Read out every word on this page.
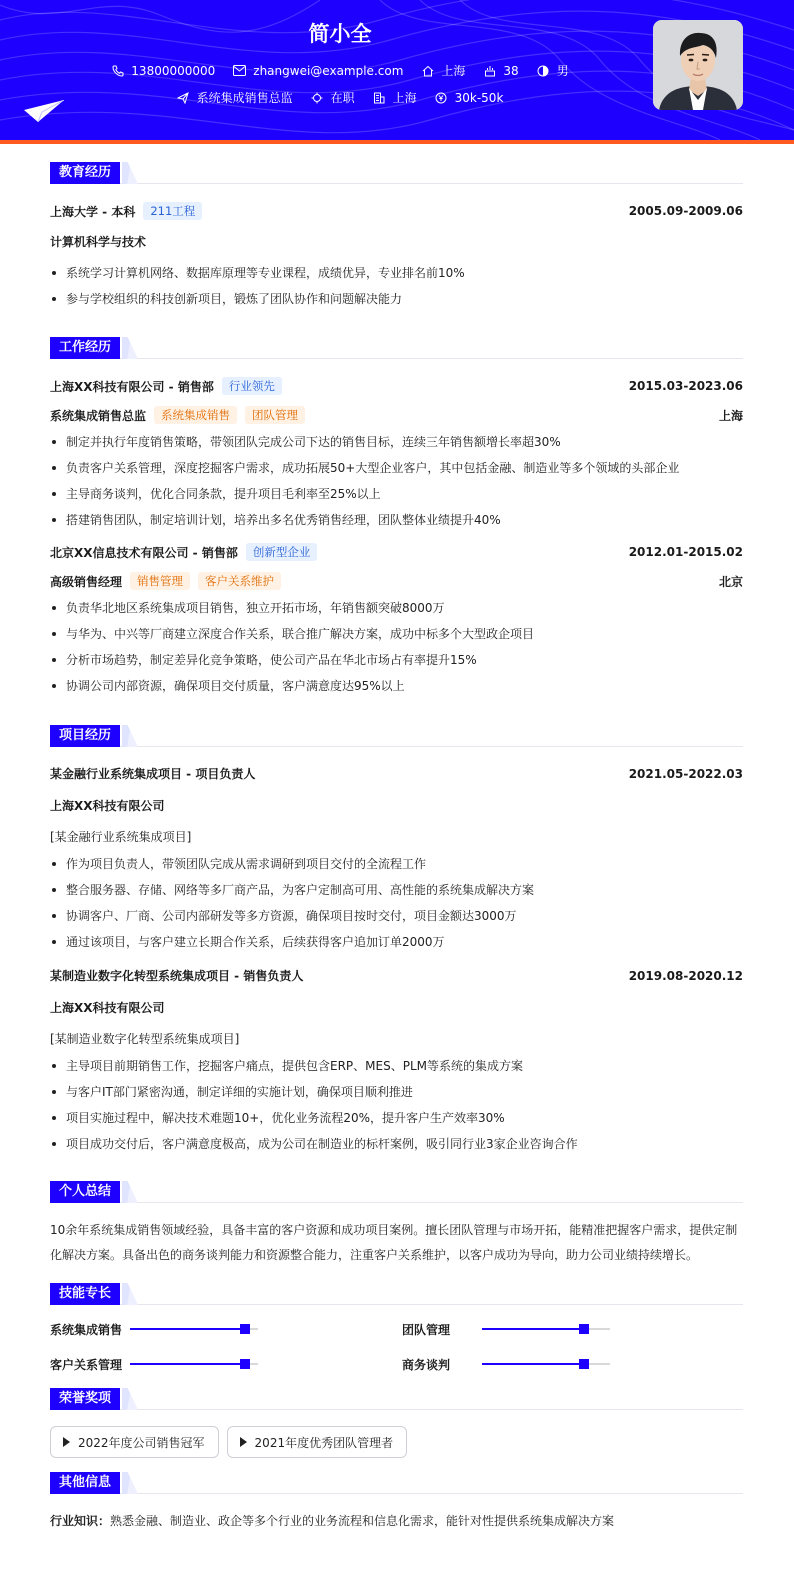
简小全
13800000000	zhangwei@example.com	上海	38	男
系统集成销售总监	在职	上海	30k-50k
教育经历
上海大学 - 本科	211工程	2005.09-2009.06
计算机科学与技术
系统学习计算机网络、数据库原理等专业课程，成绩优异，专业排名前10%
参与学校组织的科技创新项目，锻炼了团队协作和问题解决能力
工作经历
上海XX科技有限公司 - 销售部	行业领先	2015.03-2023.06
系统集成销售总监	系统集成销售	团队管理	上海
制定并执行年度销售策略，带领团队完成公司下达的销售目标，连续三年销售额增长率超30%
负责客户关系管理，深度挖掘客户需求，成功拓展50+大型企业客户，其中包括金融、制造业等多个领域的头部企业
主导商务谈判，优化合同条款，提升项目毛利率至25%以上
搭建销售团队，制定培训计划，培养出多名优秀销售经理，团队整体业绩提升40%
北京XX信息技术有限公司 - 销售部	创新型企业	2012.01-2015.02
高级销售经理	销售管理	客户关系维护	北京
负责华北地区系统集成项目销售，独立开拓市场，年销售额突破8000万
与华为、中兴等厂商建立深度合作关系，联合推广解决方案，成功中标多个大型政企项目
分析市场趋势，制定差异化竞争策略，使公司产品在华北市场占有率提升15%
协调公司内部资源，确保项目交付质量，客户满意度达95%以上
项目经历
某金融行业系统集成项目 - 项目负责人	2021.05-2022.03
上海XX科技有限公司
[某金融行业系统集成项目]
作为项目负责人，带领团队完成从需求调研到项目交付的全流程工作
整合服务器、存储、网络等多厂商产品，为客户定制高可用、高性能的系统集成解决方案
协调客户、厂商、公司内部研发等多方资源，确保项目按时交付，项目金额达3000万
通过该项目，与客户建立长期合作关系，后续获得客户追加订单2000万
某制造业数字化转型系统集成项目 - 销售负责人	2019.08-2020.12
上海XX科技有限公司
[某制造业数字化转型系统集成项目]
主导项目前期销售工作，挖掘客户痛点，提供包含ERP、MES、PLM等系统的集成方案
与客户IT部门紧密沟通，制定详细的实施计划，确保项目顺利推进
项目实施过程中，解决技术难题10+，优化业务流程20%，提升客户生产效率30%
项目成功交付后，客户满意度极高，成为公司在制造业的标杆案例，吸引同行业3家企业咨询合作
个人总结
10余年系统集成销售领域经验，具备丰富的客户资源和成功项目案例。擅长团队管理与市场开拓，能精准把握客户需求，提供定制化解决方案。具备出色的商务谈判能力和资源整合能力，注重客户关系维护，以客户成功为导向，助力公司业绩持续增长。
技能专长
系统集成销售	团队管理
客户关系管理	商务谈判
荣誉奖项
2022年度公司销售冠军	2021年度优秀团队管理者
其他信息
行业知识：熟悉金融、制造业、政企等多个行业的业务流程和信息化需求，能针对性提供系统集成解决方案
